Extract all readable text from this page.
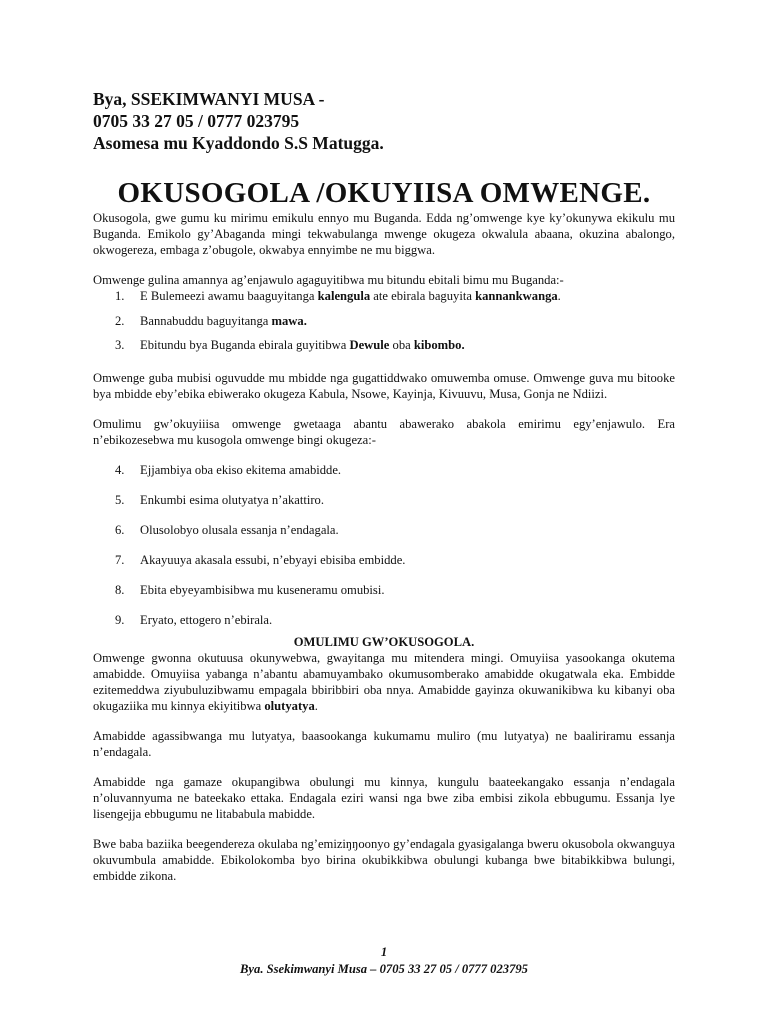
Bya, SSEKIMWANYI MUSA -
0705 33 27 05 / 0777 023795
Asomesa mu Kyaddondo S.S Matugga.
OKUSOGOLA /OKUYIISA OMWENGE.

Okusogola, gwe gumu ku mirimu emikulu ennyo mu Buganda. Edda ng’omwenge kye ky’okunywa ekikulu mu Buganda. Emikolo gy’Abaganda mingi tekwabulanga mwenge okugeza okwalula abaana, okuzina abalongo, okwogereza, embaga z’obugole, okwabya ennyimbe ne mu biggwa.

Omwenge gulina amannya ag’enjawulo agaguyitibwa mu bitundu ebitali bimu mu Buganda:-

1. E Bulemeezi awamu baaguyitanga kalengula ate ebirala baguyita kannankwanga.
2. Bannabuddu baguyitanga mawa.
3. Ebitundu bya Buganda ebirala guyitibwa Dewule oba kibombo.

Omwenge guba mubisi oguvudde mu mbidde nga gugattiddwako omuwemba omuse. Omwenge guva mu bitooke bya mbidde eby’ebika ebiwerako okugeza Kabula, Nsowe, Kayinja, Kivuuvu, Musa, Gonja ne Ndiizi.

Omulimu gw’okuyiiisa omwenge gwetaaga abantu abawerako abakola emirimu egy’enjawulo. Era n’ebikozesebwa mu kusogola omwenge bingi okugeza:-

4. Ejjambiya oba ekiso ekitema amabidde.
5. Enkumbi esima olutyatya n’akattiro.
6. Olusolobyo olusala essanja n’endagala.
7. Akayuuya akasala essubi, n’ebyayi ebisiba embidde.
8. Ebita ebyeyambisibwa mu kuseneramu omubisi.
9. Eryato, ettogero n’ebirala.
OMULIMU GW’OKUSOGOLA.

Omwenge gwonna okutuusa okunywebwa, gwayitanga mu mitendera mingi. Omuyiisa yasookanga okutema amabidde. Omuyiisa yabanga n’abantu abamuyambako okumusomberako amabidde okugatwala eka. Embidde ezitemeddwa ziyubuluzibwamu empagala bbiribbiri oba nnya. Amabidde gayinza okuwanikibwa ku kibanyi oba okugaziika mu kinnya ekiyitibwa olutyatya.

Amabidde agassibwanga mu lutyatya, baasookanga kukumamu muliro (mu lutyatya) ne baaliriramu essanja n’endagala.

Amabidde nga gamaze okupangibwa obulungi mu kinnya, kungulu baateekangako essanja n’endagala n’oluvannyuma ne bateekako ettaka. Endagala eziri wansi nga bwe ziba embisi zikola ebbugumu. Essanja lye lisengejja ebbugumu ne litababula mabidde.

Bwe baba baziika beegendereza okulaba ng’emiziŋŋoonyo gy’endagala gyasigalanga bweru okusobola okwanguya okuvumbula amabidde. Ebikolokomba byo birina okubikkibwa obulungi kubanga bwe bitabikkibwa bulungi, embidde zikona.

1
Bya. Ssekimwanyi Musa – 0705 33 27 05 / 0777 023795
